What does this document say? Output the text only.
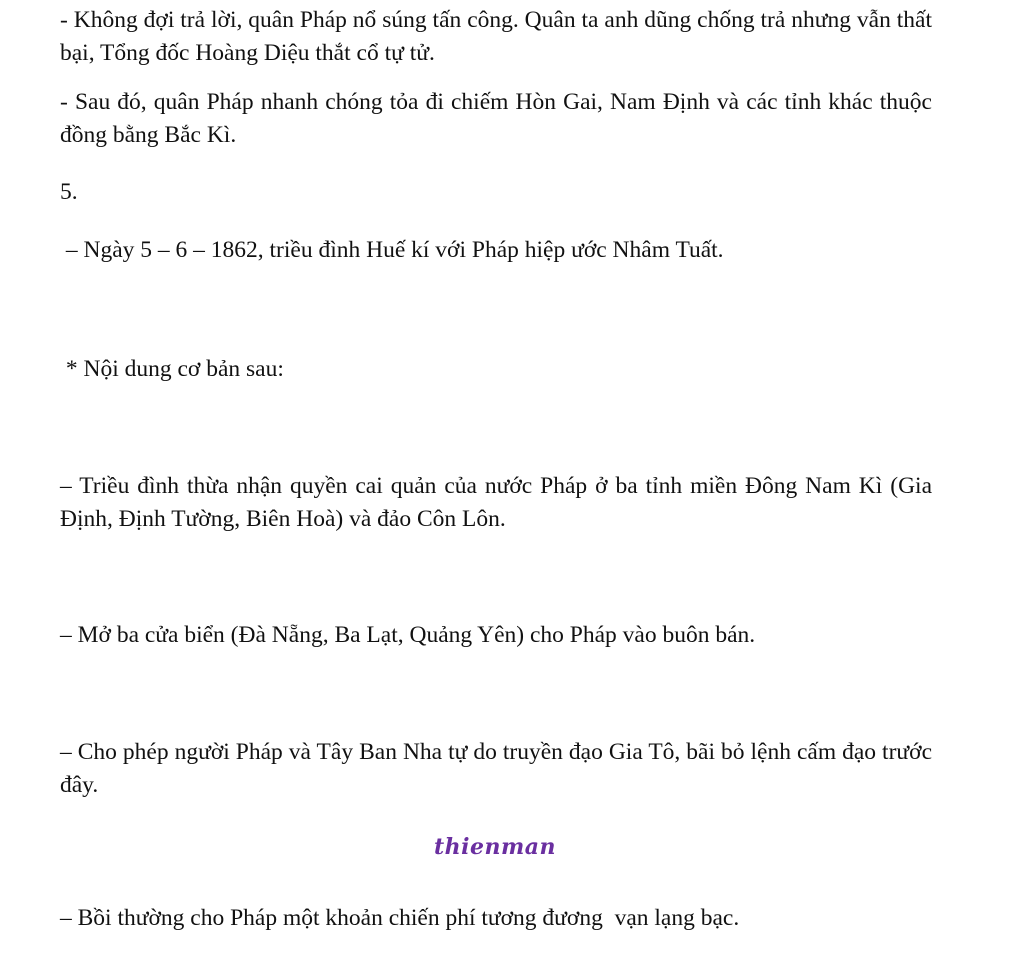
- Không đợi trả lời, quân Pháp nổ súng tấn công. Quân ta anh dũng chống trả nhưng vẫn thất bại, Tổng đốc Hoàng Diệu thắt cổ tự tử.

- Sau đó, quân Pháp nhanh chóng tỏa đi chiếm Hòn Gai, Nam Định và các tỉnh khác thuộc đồng bằng Bắc Kì.

5.

– Ngày 5 – 6 – 1862, triều đình Huế kí với Pháp hiệp ước Nhâm Tuất.

* Nội dung cơ bản sau:

– Triều đình thừa nhận quyền cai quản của nước Pháp ở ba tỉnh miền Đông Nam Kì (Gia Định, Định Tường, Biên Hoà) và đảo Côn Lôn.

– Mở ba cửa biển (Đà Nẵng, Ba Lạt, Quảng Yên) cho Pháp vào buôn bán.

– Cho phép người Pháp và Tây Ban Nha tự do truyền đạo Gia Tô, bãi bỏ lệnh cấm đạo trước đây.

thienman

– Bồi thường cho Pháp một khoản chiến phí tương đương  vạn lạng bạc.
